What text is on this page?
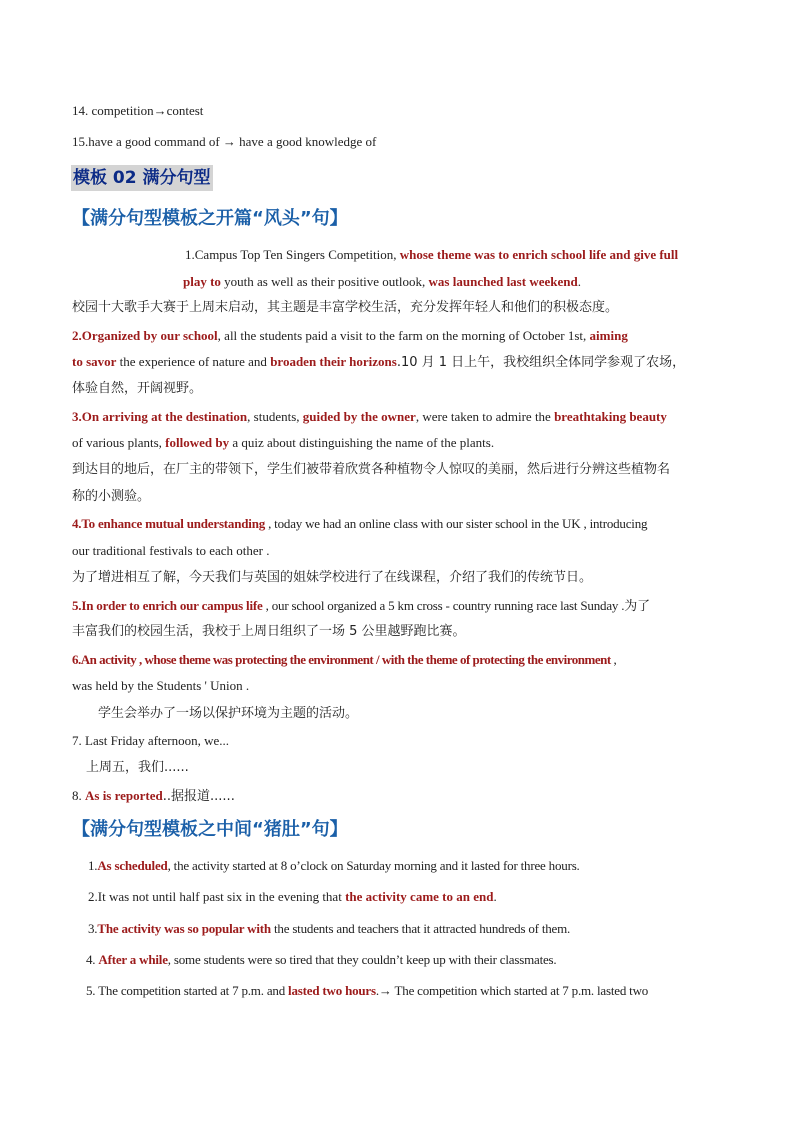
14. competition→contest
15.have a good command of → have a good knowledge of
模板 02 满分句型
【满分句型模板之开篇“风头”句】
1.Campus Top Ten Singers Competition, whose theme was to enrich school life and give full
play to youth as well as their positive outlook, was launched last weekend.
校园十大歌手大赛于上周末启动，其主题是丰富学校生活，充分发挥年轻人和他们的积极态度。
2.Organized by our school, all the students paid a visit to the farm on the morning of October 1st, aiming
to savor the experience of nature and broaden their horizons.10 月 1 日上午，我校组织全体同学参观了农场，
体验自然，开阔视野。
3.On arriving at the destination, students, guided by the owner, were taken to admire the breathtaking beauty
of various plants, followed by a quiz about distinguishing the name of the plants.
到达目的地后，在厂主的带领下，学生们被带着欣赏各种植物令人惊叹的美丽，然后进行分辨这些植物名
称的小测验。
4.To enhance mutual understanding , today we had an online class with our sister school in the UK , introducing
our traditional festivals to each other .
为了增进相互了解，今天我们与英国的姐妹学校进行了在线课程，介绍了我们的传统节日。
5.In order to enrich our campus life , our school organized a 5 km cross - country running race last Sunday .为了
丰富我们的校园生活，我校于上周日组织了一场 5 公里越野跑比赛。
6.An activity , whose theme was protecting the environment / with the theme of protecting the environment ,
was held by the Students ' Union .
学生会举办了一场以保护环境为主题的活动。
7. Last Friday afternoon, we...
上周五，我们......
8. As is reported..据报道......
【满分句型模板之中间“猪肚”句】
1.As scheduled, the activity started at 8 o’clock on Saturday morning and it lasted for three hours.
2.It was not until half past six in the evening that the activity came to an end.
3.The activity was so popular with the students and teachers that it attracted hundreds of them.
4. After a while, some students were so tired that they couldn’t keep up with their classmates.
5. The competition started at 7 p.m. and lasted two hours.→ The competition which started at 7 p.m. lasted two
